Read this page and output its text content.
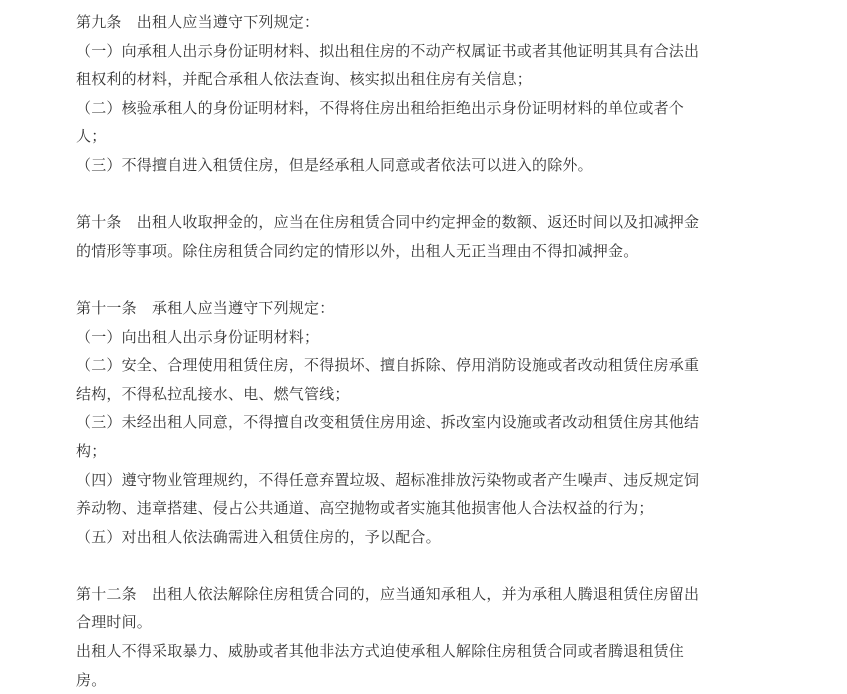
第九条　出租人应当遵守下列规定：
（一）向承租人出示身份证明材料、拟出租住房的不动产权属证书或者其他证明其具有合法出
租权利的材料，并配合承租人依法查询、核实拟出租住房有关信息；
（二）核验承租人的身份证明材料，不得将住房出租给拒绝出示身份证明材料的单位或者个
人；
（三）不得擅自进入租赁住房，但是经承租人同意或者依法可以进入的除外。
第十条　出租人收取押金的，应当在住房租赁合同中约定押金的数额、返还时间以及扣减押金
的情形等事项。除住房租赁合同约定的情形以外，出租人无正当理由不得扣减押金。
第十一条　承租人应当遵守下列规定：
（一）向出租人出示身份证明材料；
（二）安全、合理使用租赁住房，不得损坏、擅自拆除、停用消防设施或者改动租赁住房承重
结构，不得私拉乱接水、电、燃气管线；
（三）未经出租人同意，不得擅自改变租赁住房用途、拆改室内设施或者改动租赁住房其他结
构；
（四）遵守物业管理规约，不得任意弃置垃圾、超标准排放污染物或者产生噪声、违反规定饲
养动物、违章搭建、侵占公共通道、高空抛物或者实施其他损害他人合法权益的行为；
（五）对出租人依法确需进入租赁住房的，予以配合。
第十二条　出租人依法解除住房租赁合同的，应当通知承租人，并为承租人腾退租赁住房留出
合理时间。
出租人不得采取暴力、威胁或者其他非法方式迫使承租人解除住房租赁合同或者腾退租赁住
房。
